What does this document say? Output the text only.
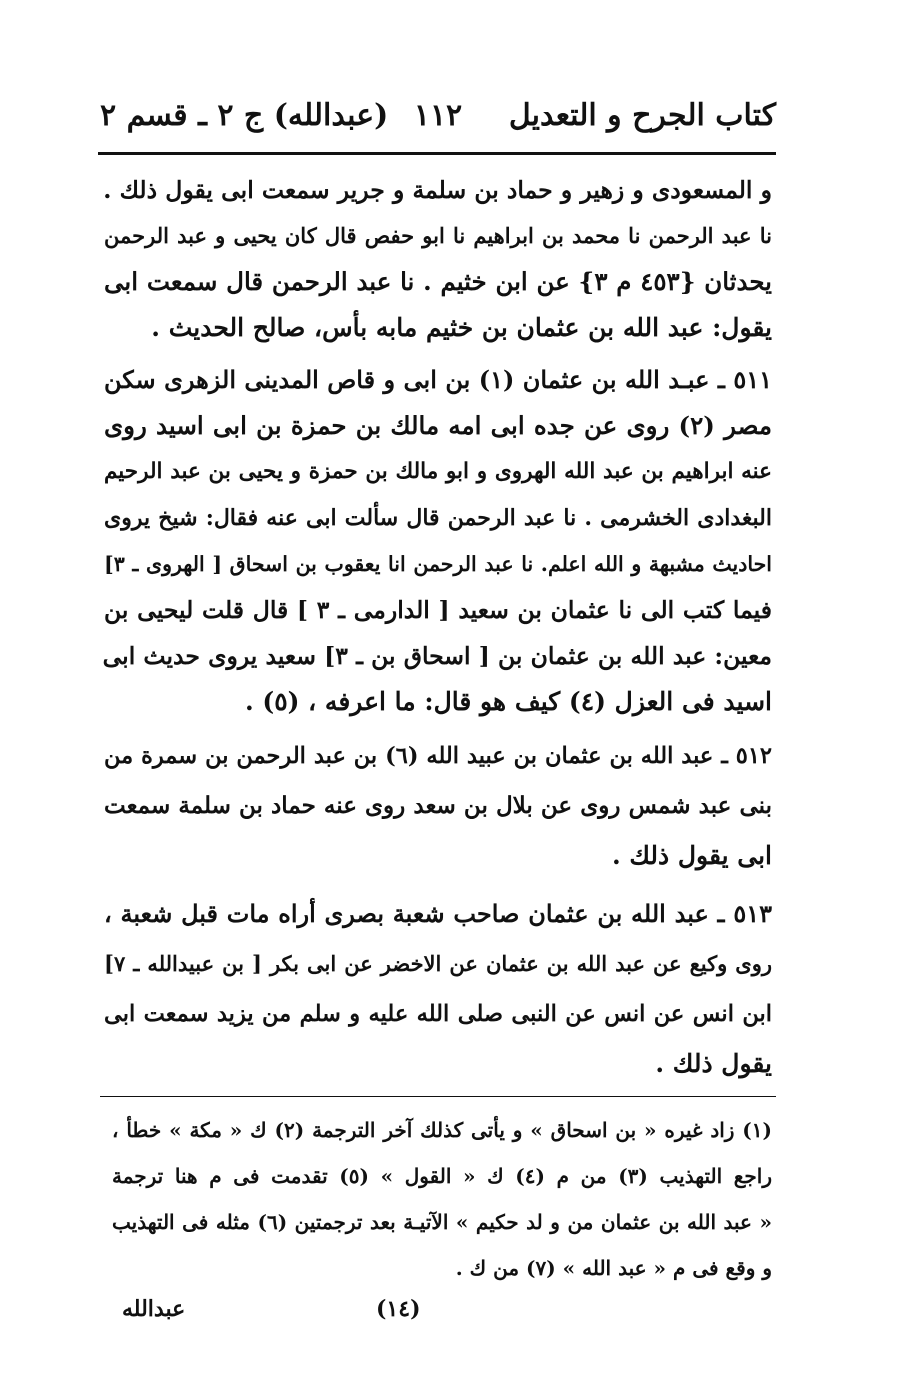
كتاب الجرح و التعديل
١١٢
(عبدالله) ج ٢ ـ قسم ٢
و المسعودى و زهير و حماد بن سلمة و جرير سمعت ابى يقول ذلك .
نا عبد الرحمن نا محمد بن ابراهيم نا ابو حفص قال كان يحيى و عبد الرحمن
يحدثان {٤٥٣ م ٣} عن ابن خثيم . نا عبد الرحمن قال سمعت ابى
يقول: عبد الله بن عثمان بن خثيم مابه بأس، صالح الحديث .
٥١١ ـ عبـد الله بن عثمان (١) بن ابى و قاص المدينى الزهرى سكن
مصر (٢) روى عن جده ابى امه مالك بن حمزة بن ابى اسيد روى
عنه ابراهيم بن عبد الله الهروى و ابو مالك بن حمزة و يحيى بن عبد الرحيم
البغدادى الخشرمى . نا عبد الرحمن قال سألت ابى عنه فقال: شيخ يروى
احاديث مشبهة و الله اعلم. نا عبد الرحمن انا يعقوب بن اسحاق [ الهروى ـ ٣]
فيما كتب الى نا عثمان بن سعيد [ الدارمى ـ ٣ ] قال قلت ليحيى بن
معين: عبد الله بن عثمان بن [ اسحاق بن ـ ٣] سعيد يروى حديث ابى
اسيد فى العزل (٤) كيف هو قال: ما اعرفه ، (٥) .
٥١٢ ـ عبد الله بن عثمان بن عبيد الله (٦) بن عبد الرحمن بن سمرة من
بنى عبد شمس روى عن بلال بن سعد روى عنه حماد بن سلمة سمعت
ابى يقول ذلك .
٥١٣ ـ عبد الله بن عثمان صاحب شعبة بصرى أراه مات قبل شعبة ،
روى وكيع عن عبد الله بن عثمان عن الاخضر عن ابى بكر [ بن عبيدالله ـ ٧]
ابن انس عن انس عن النبى صلى الله عليه و سلم من يزيد سمعت ابى
يقول ذلك .
(١) زاد غيره « بن اسحاق » و يأتى كذلك آخر الترجمة (٢) ك « مكة » خطأ ،
راجع التهذيب (٣) من م (٤) ك « القول » (٥) تقدمت فى م هنا ترجمة
« عبد الله بن عثمان من و لد حكيم » الآتيـة بعد ترجمتين (٦) مثله فى التهذيب
و وقع فى م « عبد الله » (٧) من ك .
(١٤)
عبدالله
